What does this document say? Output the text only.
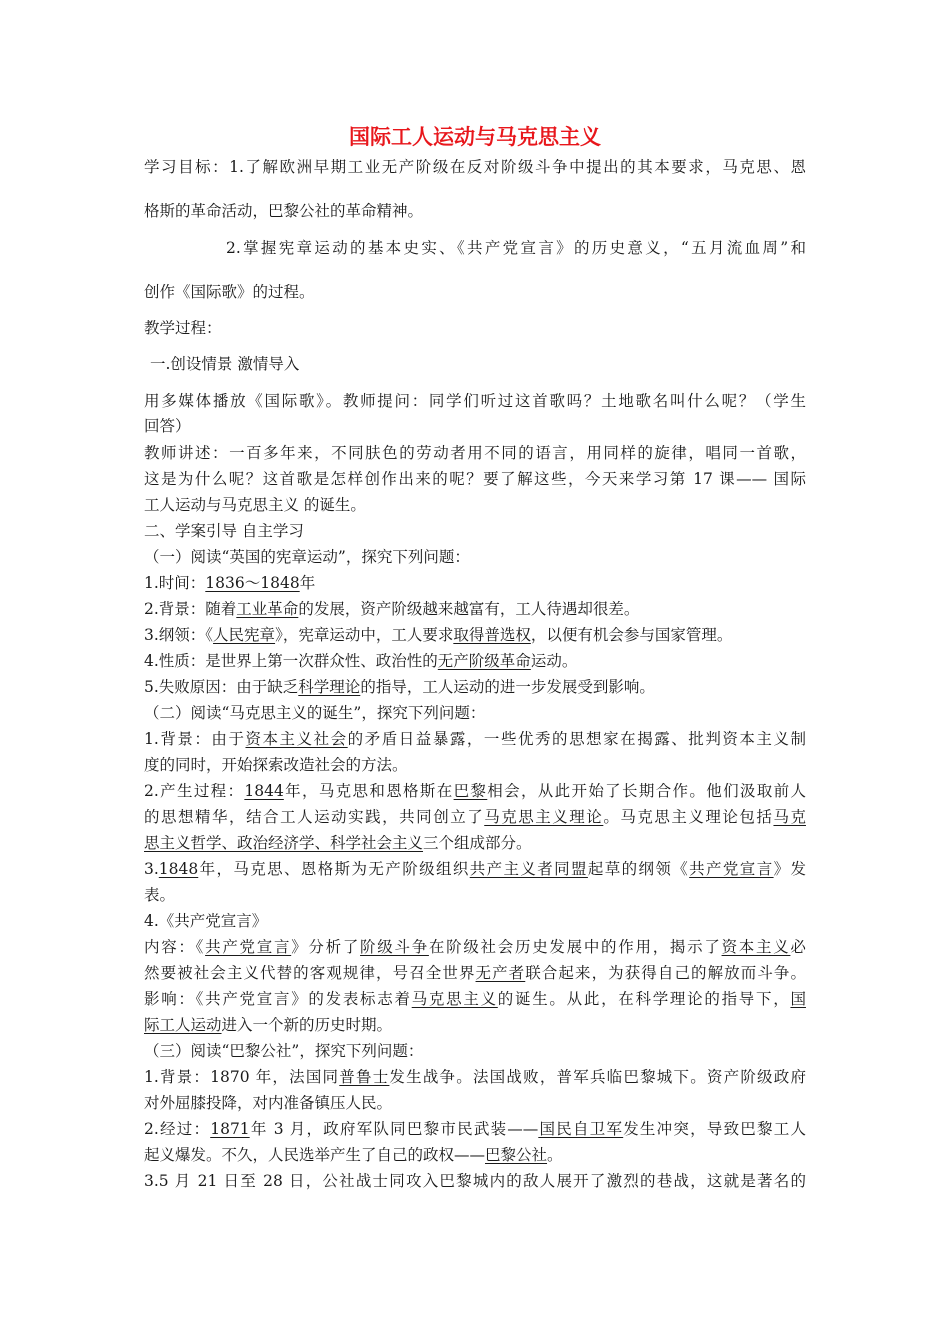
国际工人运动与马克思主义
学习目标：1.了解欧洲早期工业无产阶级在反对阶级斗争中提出的其本要求，马克思、恩
格斯的革命活动，巴黎公社的革命精神。
2.掌握宪章运动的基本史实、《共产党宣言》的历史意义，“五月流血周”和
创作《国际歌》的过程。
教学过程：
一.创设情景 激情导入
用多媒体播放《国际歌》。教师提问：同学们听过这首歌吗？土地歌名叫什么呢？（学生
回答）
教师讲述：一百多年来，不同肤色的劳动者用不同的语言，用同样的旋律，唱同一首歌，
这是为什么呢？这首歌是怎样创作出来的呢？要了解这些，今天来学习第 17 课—— 国际
工人运动与马克思主义 的诞生。
二、学案引导 自主学习
（一）阅读“英国的宪章运动”，探究下列问题：
1.时间：1836～1848年
2.背景：随着工业革命的发展，资产阶级越来越富有，工人待遇却很差。
3.纲领：《人民宪章》，宪章运动中，工人要求取得普选权，以便有机会参与国家管理。
4.性质：是世界上第一次群众性、政治性的无产阶级革命运动。
5.失败原因：由于缺乏科学理论的指导，工人运动的进一步发展受到影响。
（二）阅读“马克思主义的诞生”，探究下列问题：
1.背景：由于资本主义社会的矛盾日益暴露，一些优秀的思想家在揭露、批判资本主义制
度的同时，开始探索改造社会的方法。
2.产生过程：1844年，马克思和恩格斯在巴黎相会，从此开始了长期合作。他们汲取前人
的思想精华，结合工人运动实践，共同创立了马克思主义理论。马克思主义理论包括马克
思主义哲学、政治经济学、科学社会主义三个组成部分。
3.1848年，马克思、恩格斯为无产阶级组织共产主义者同盟起草的纲领《共产党宣言》发
表。
4.《共产党宣言》
内容：《共产党宣言》分析了阶级斗争在阶级社会历史发展中的作用，揭示了资本主义必
然要被社会主义代替的客观规律，号召全世界无产者联合起来，为获得自己的解放而斗争。
影响：《共产党宣言》的发表标志着马克思主义的诞生。从此，在科学理论的指导下，国
际工人运动进入一个新的历史时期。
（三）阅读“巴黎公社”，探究下列问题：
1.背景：1870 年，法国同普鲁士发生战争。法国战败，普军兵临巴黎城下。资产阶级政府
对外屈膝投降，对内准备镇压人民。
2.经过：1871年 3 月，政府军队同巴黎市民武装——国民自卫军发生冲突，导致巴黎工人
起义爆发。不久，人民选举产生了自己的政权——巴黎公社。
3.5 月 21 日至 28 日，公社战士同攻入巴黎城内的敌人展开了激烈的巷战，这就是著名的
